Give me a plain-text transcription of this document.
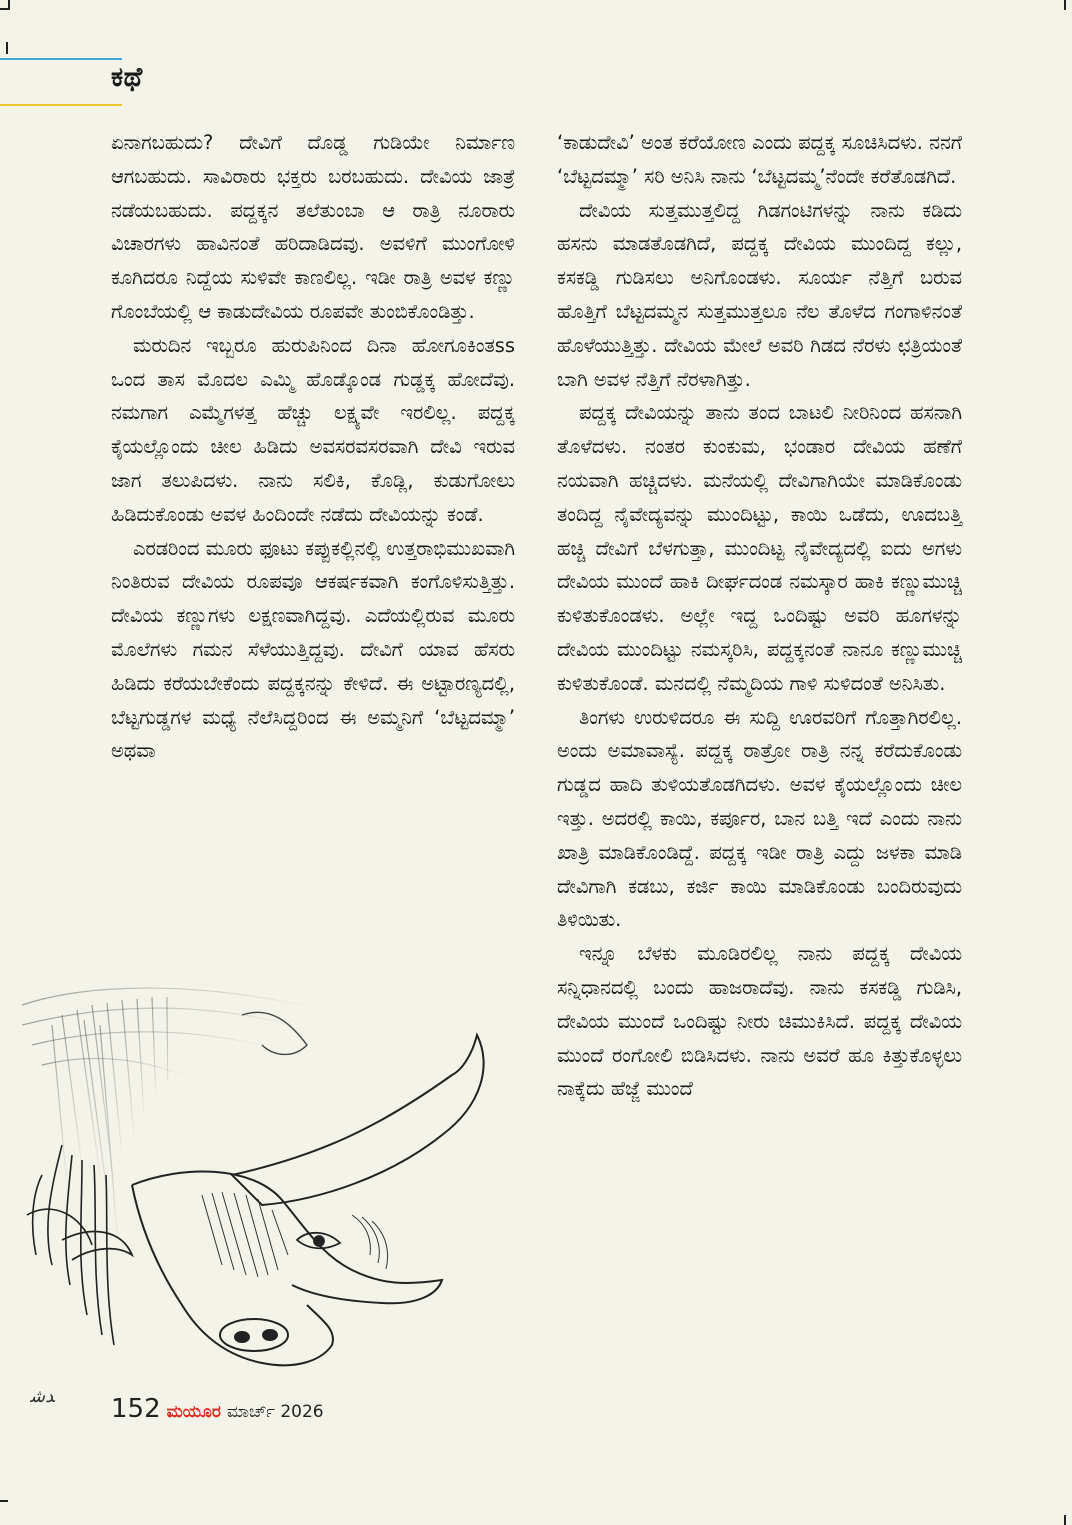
ಕಥೆ

ಏನಾಗಬಹುದು? ದೇವಿಗೆ ದೊಡ್ಡ ಗುಡಿಯೇ ನಿರ್ಮಾಣ ಆಗಬಹುದು. ಸಾವಿರಾರು ಭಕ್ತರು ಬರಬಹುದು. ದೇವಿಯ ಜಾತ್ರೆ ನಡೆಯಬಹುದು. ಪದ್ದಕ್ಕನ ತಲೆತುಂಬಾ ಆ ರಾತ್ರಿ ನೂರಾರು ವಿಚಾರಗಳು ಹಾವಿನಂತೆ ಹರಿದಾಡಿದವು. ಅವಳಿಗೆ ಮುಂಗೋಳಿ ಕೂಗಿದರೂ ನಿದ್ದೆಯ ಸುಳಿವೇ ಕಾಣಲಿಲ್ಲ. ಇಡೀ ರಾತ್ರಿ ಅವಳ ಕಣ್ಣು ಗೊಂಬೆಯಲ್ಲಿ ಆ ಕಾಡುದೇವಿಯ ರೂಪವೇ ತುಂಬಿಕೊಂಡಿತ್ತು.

ಮರುದಿನ ಇಬ್ಬರೂ ಹುರುಪಿನಿಂದ ದಿನಾ ಹೋಗೂಕಿಂತss ಒಂದ ತಾಸ ಮೊದಲ ಎಮ್ಮಿ ಹೊಡ್ಕೊಂಡ ಗುಡ್ಡಕ್ಕ ಹೋದೆವು. ನಮಗಾಗ ಎಮ್ಮೆಗಳತ್ತ ಹೆಚ್ಚು ಲಕ್ಷ್ಯವೇ ಇರಲಿಲ್ಲ. ಪದ್ದಕ್ಕ ಕೈಯಲ್ಲೊಂದು ಚೀಲ ಹಿಡಿದು ಅವಸರವಸರವಾಗಿ ದೇವಿ ಇರುವ ಜಾಗ ತಲುಪಿದಳು. ನಾನು ಸಲಿಕಿ, ಕೊಡ್ಲಿ, ಕುಡುಗೋಲು ಹಿಡಿದುಕೊಂಡು ಅವಳ ಹಿಂದಿಂದೇ ನಡೆದು ದೇವಿಯನ್ನು ಕಂಡೆ.

ಎರಡರಿಂದ ಮೂರು ಫೂಟು ಕಪ್ಪುಕಲ್ಲಿನಲ್ಲಿ ಉತ್ತರಾಭಿಮುಖವಾಗಿ ನಿಂತಿರುವ ದೇವಿಯ ರೂಪವೂ ಆಕರ್ಷಕವಾಗಿ ಕಂಗೊಳಿಸುತ್ತಿತ್ತು. ದೇವಿಯ ಕಣ್ಣುಗಳು ಲಕ್ಷಣವಾಗಿದ್ದವು. ಎದೆಯಲ್ಲಿರುವ ಮೂರು ಮೊಲೆಗಳು ಗಮನ ಸೆಳೆಯುತ್ತಿದ್ದವು. ದೇವಿಗೆ ಯಾವ ಹೆಸರು ಹಿಡಿದು ಕರೆಯಬೇಕೆಂದು ಪದ್ದಕ್ಕನನ್ನು ಕೇಳಿದೆ. ಈ ಅಟ್ಟಾರಣ್ಯದಲ್ಲಿ, ಬೆಟ್ಟಗುಡ್ಡಗಳ ಮಧ್ಯೆ ನೆಲೆಸಿದ್ದರಿಂದ ಈ ಅಮ್ಮನಿಗೆ ‘ಬೆಟ್ಟದಮ್ಮಾ’ ಅಥವಾ

‘ಕಾಡುದೇವಿ’ ಅಂತ ಕರೆಯೋಣ ಎಂದು ಪದ್ದಕ್ಕ ಸೂಚಿಸಿದಳು. ನನಗೆ ‘ಬೆಟ್ಟದಮ್ಮಾ’ ಸರಿ ಅನಿಸಿ ನಾನು ‘ಬೆಟ್ಟದಮ್ಮ’ನೆಂದೇ ಕರೆತೊಡಗಿದೆ.

ದೇವಿಯ ಸುತ್ತಮುತ್ತಲಿದ್ದ ಗಿಡಗಂಟಿಗಳನ್ನು ನಾನು ಕಡಿದು ಹಸನು ಮಾಡತೊಡಗಿದೆ, ಪದ್ದಕ್ಕ ದೇವಿಯ ಮುಂದಿದ್ದ ಕಲ್ಲು, ಕಸಕಡ್ಡಿ ಗುಡಿಸಲು ಅನಿಗೊಂಡಳು. ಸೂರ್ಯ ನೆತ್ತಿಗೆ ಬರುವ ಹೊತ್ತಿಗೆ ಬೆಟ್ಟದಮ್ಮನ ಸುತ್ತಮುತ್ತಲೂ ನೆಲ ತೊಳೆದ ಗಂಗಾಳಿನಂತೆ ಹೊಳೆಯುತ್ತಿತ್ತು. ದೇವಿಯ ಮೇಲೆ ಅವರಿ ಗಿಡದ ನೆರಳು ಛತ್ರಿಯಂತೆ ಬಾಗಿ ಅವಳ ನೆತ್ತಿಗೆ ನೆರಳಾಗಿತ್ತು.

ಪದ್ದಕ್ಕ ದೇವಿಯನ್ನು ತಾನು ತಂದ ಬಾಟಲಿ ನೀರಿನಿಂದ ಹಸನಾಗಿ ತೊಳೆದಳು. ನಂತರ ಕುಂಕುಮ, ಭಂಡಾರ ದೇವಿಯ ಹಣೆಗೆ ನಯವಾಗಿ ಹಚ್ಚಿದಳು. ಮನೆಯಲ್ಲಿ ದೇವಿಗಾಗಿಯೇ ಮಾಡಿಕೊಂಡು ತಂದಿದ್ದ ನೈವೇದ್ಯವನ್ನು ಮುಂದಿಟ್ಟು, ಕಾಯಿ ಒಡೆದು, ಊದಬತ್ತಿ ಹಚ್ಚಿ ದೇವಿಗೆ ಬೆಳಗುತ್ತಾ, ಮುಂದಿಟ್ಟ ನೈವೇದ್ಯದಲ್ಲಿ ಐದು ಅಗಳು ದೇವಿಯ ಮುಂದೆ ಹಾಕಿ ದೀರ್ಘದಂಡ ನಮಸ್ಕಾರ ಹಾಕಿ ಕಣ್ಣುಮುಚ್ಚಿ ಕುಳಿತುಕೊಂಡಳು. ಅಲ್ಲೇ ಇದ್ದ ಒಂದಿಷ್ಟು ಅವರಿ ಹೂಗಳನ್ನು ದೇವಿಯ ಮುಂದಿಟ್ಟು ನಮಸ್ಕರಿಸಿ, ಪದ್ದಕ್ಕನಂತೆ ನಾನೂ ಕಣ್ಣುಮುಚ್ಚಿ ಕುಳಿತುಕೊಂಡೆ. ಮನದಲ್ಲಿ ನೆಮ್ಮದಿಯ ಗಾಳಿ ಸುಳಿದಂತೆ ಅನಿಸಿತು.

ತಿಂಗಳು ಉರುಳಿದರೂ ಈ ಸುದ್ದಿ ಊರವರಿಗೆ ಗೊತ್ತಾಗಿರಲಿಲ್ಲ. ಅಂದು ಅಮಾವಾಸ್ಯೆ. ಪದ್ದಕ್ಕ ರಾತ್ರೋ ರಾತ್ರಿ ನನ್ನ ಕರೆದುಕೊಂಡು ಗುಡ್ಡದ ಹಾದಿ ತುಳಿಯತೊಡಗಿದಳು. ಅವಳ ಕೈಯಲ್ಲೊಂದು ಚೀಲ ಇತ್ತು. ಅದರಲ್ಲಿ ಕಾಯಿ, ಕರ್ಪೂರ, ಬಾನ ಬತ್ತಿ ಇದೆ ಎಂದು ನಾನು ಖಾತ್ರಿ ಮಾಡಿಕೊಂಡಿದ್ದೆ. ಪದ್ದಕ್ಕ ಇಡೀ ರಾತ್ರಿ ಎದ್ದು ಜಳಕಾ ಮಾಡಿ ದೇವಿಗಾಗಿ ಕಡಬು, ಕರ್ಜಿ ಕಾಯಿ ಮಾಡಿಕೊಂಡು ಬಂದಿರುವುದು ತಿಳಿಯಿತು.

ಇನ್ನೂ ಬೆಳಕು ಮೂಡಿರಲಿಲ್ಲ ನಾನು ಪದ್ದಕ್ಕ ದೇವಿಯ ಸನ್ನಿಧಾನದಲ್ಲಿ ಬಂದು ಹಾಜರಾದೆವು. ನಾನು ಕಸಕಡ್ಡಿ ಗುಡಿಸಿ, ದೇವಿಯ ಮುಂದೆ ಒಂದಿಷ್ಟು ನೀರು ಚಿಮುಕಿಸಿದೆ. ಪದ್ದಕ್ಕ ದೇವಿಯ ಮುಂದೆ ರಂಗೋಲಿ ಬಿಡಿಸಿದಳು. ನಾನು ಅವರೆ ಹೂ ಕಿತ್ತುಕೊಳ್ಳಲು ನಾಕ್ಕೆದು ಹೆಜ್ಜೆ ಮುಂದೆ

ﺪﺷ 152 ಮಯೂರ ಮಾರ್ಚ್ 2026
